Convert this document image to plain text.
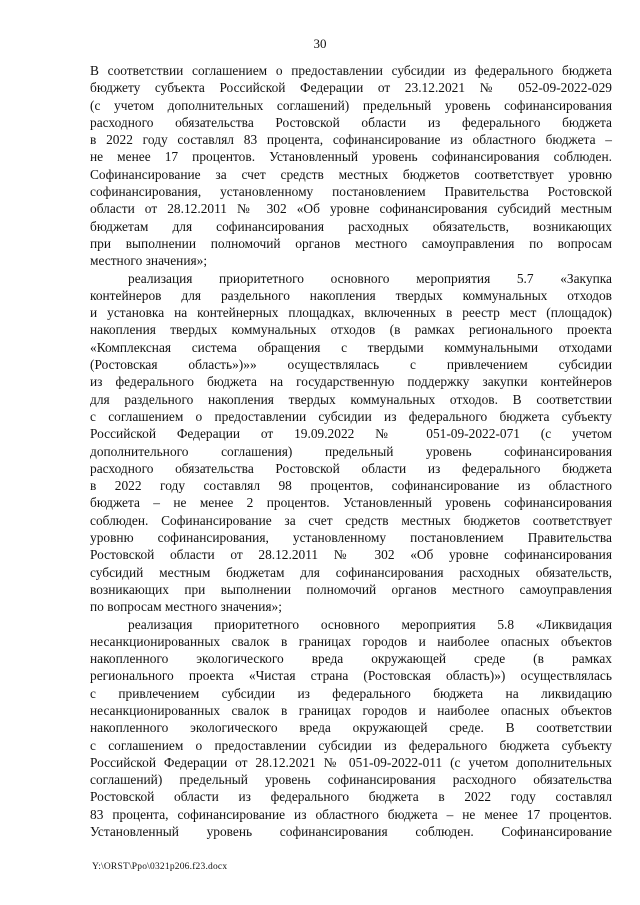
30
В соответствии соглашением о предоставлении субсидии из федерального бюджета
бюджету субъекта Российской Федерации от 23.12.2021 № 052-09-2022-029
(с учетом дополнительных соглашений) предельный уровень софинансирования
расходного обязательства Ростовской области из федерального бюджета
в 2022 году составлял 83 процента, софинансирование из областного бюджета –
не менее 17 процентов. Установленный уровень софинансирования соблюден.
Софинансирование за счет средств местных бюджетов соответствует уровню
софинансирования, установленному постановлением Правительства Ростовской
области от 28.12.2011 № 302 «Об уровне софинансирования субсидий местным
бюджетам для софинансирования расходных обязательств, возникающих
при выполнении полномочий органов местного самоуправления по вопросам
местного значения»;
реализация приоритетного основного мероприятия 5.7 «Закупка
контейнеров для раздельного накопления твердых коммунальных отходов
и установка на контейнерных площадках, включенных в реестр мест (площадок)
накопления твердых коммунальных отходов (в рамках регионального проекта
«Комплексная система обращения с твердыми коммунальными отходами
(Ростовская область»)»» осуществлялась с привлечением субсидии
из федерального бюджета на государственную поддержку закупки контейнеров
для раздельного накопления твердых коммунальных отходов. В соответствии
с соглашением о предоставлении субсидии из федерального бюджета субъекту
Российской Федерации от 19.09.2022 № 051-09-2022-071 (с учетом
дополнительного соглашения) предельный уровень софинансирования
расходного обязательства Ростовской области из федерального бюджета
в 2022 году составлял 98 процентов, софинансирование из областного
бюджета – не менее 2 процентов. Установленный уровень софинансирования
соблюден. Софинансирование за счет средств местных бюджетов соответствует
уровню софинансирования, установленному постановлением Правительства
Ростовской области от 28.12.2011 № 302 «Об уровне софинансирования
субсидий местным бюджетам для софинансирования расходных обязательств,
возникающих при выполнении полномочий органов местного самоуправления
по вопросам местного значения»;
реализация приоритетного основного мероприятия 5.8 «Ликвидация
несанкционированных свалок в границах городов и наиболее опасных объектов
накопленного экологического вреда окружающей среде (в рамках
регионального проекта «Чистая страна (Ростовская область)») осуществлялась
с привлечением субсидии из федерального бюджета на ликвидацию
несанкционированных свалок в границах городов и наиболее опасных объектов
накопленного экологического вреда окружающей среде. В соответствии
с соглашением о предоставлении субсидии из федерального бюджета субъекту
Российской Федерации от 28.12.2021 № 051-09-2022-011 (с учетом дополнительных
соглашений) предельный уровень софинансирования расходного обязательства
Ростовской области из федерального бюджета в 2022 году составлял
83 процента, софинансирование из областного бюджета – не менее 17 процентов.
Установленный уровень софинансирования соблюден. Софинансирование
Y:\ORST\Ppo\0321p206.f23.docx
